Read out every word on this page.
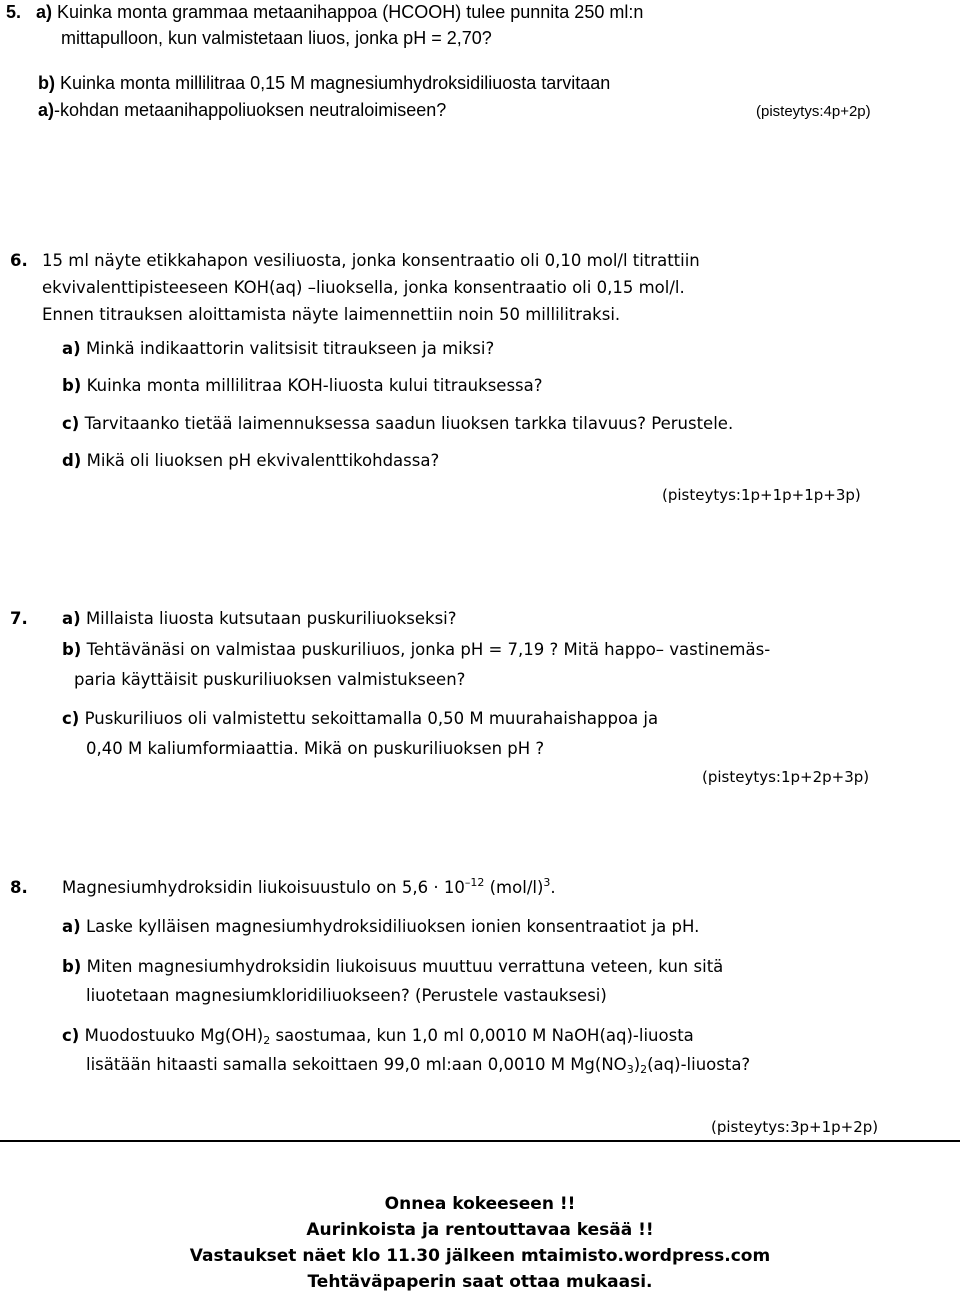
5. a) Kuinka monta grammaa metaanihappoa (HCOOH) tulee punnita 250 ml:n
mittapulloon, kun valmistetaan liuos, jonka pH = 2,70?
b) Kuinka monta millilitraa 0,15 M magnesiumhydroksidiliuosta tarvitaan
a)-kohdan metaanihappoliuoksen neutraloimiseen?	(pisteytys:4p+2p)
6. 15 ml näyte etikkahapon vesiliuosta, jonka konsentraatio oli 0,10 mol/l titrattiin
ekvivalenttipisteeseen KOH(aq) –liuoksella, jonka konsentraatio oli 0,15 mol/l.
Ennen titrauksen aloittamista näyte laimennettiin noin 50 millilitraksi.
a) Minkä indikaattorin valitsisit titraukseen ja miksi?
b) Kuinka monta millilitraa KOH-liuosta kului titrauksessa?
c) Tarvitaanko tietää laimennuksessa saadun liuoksen tarkka tilavuus? Perustele.
d) Mikä oli liuoksen pH ekvivalenttikohdassa?
(pisteytys:1p+1p+1p+3p)
7. a) Millaista liuosta kutsutaan puskuriliuokseksi?
b) Tehtävänäsi on valmistaa puskuriliuos, jonka pH = 7,19 ? Mitä happo– vastinemäs-
paria käyttäisit puskuriliuoksen valmistukseen?
c) Puskuriliuos oli valmistettu sekoittamalla 0,50 M muurahaishappoa ja
0,40 M kaliumformiaattia. Mikä on puskuriliuoksen pH ?
(pisteytys:1p+2p+3p)
8. Magnesiumhydroksidin liukoisuustulo on $5,6 \cdot 10^{-12}$ $(mol/l)^3$.
a) Laske kylläisen magnesiumhydroksidiliuoksen ionien konsentraatiot ja pH.
b) Miten magnesiumhydroksidin liukoisuus muuttuu verrattuna veteen, kun sitä
liuotetaan magnesiumkloridiliuokseen? (Perustele vastauksesi)
c) Muodostuuko $Mg(OH)_2$ saostumaa, kun 1,0 ml 0,0010 M NaOH(aq)-liuosta
lisätään hitaasti samalla sekoittaen 99,0 ml:aan 0,0010 M $Mg(NO_3)_2(aq)$-liuosta?
(pisteytys:3p+1p+2p)
Onnea kokeeseen !!
Aurinkoista ja rentouttavaa kesää !!
Vastaukset näet klo 11.30 jälkeen mtaimisto.wordpress.com
Tehtäväpaperin saat ottaa mukaasi.
